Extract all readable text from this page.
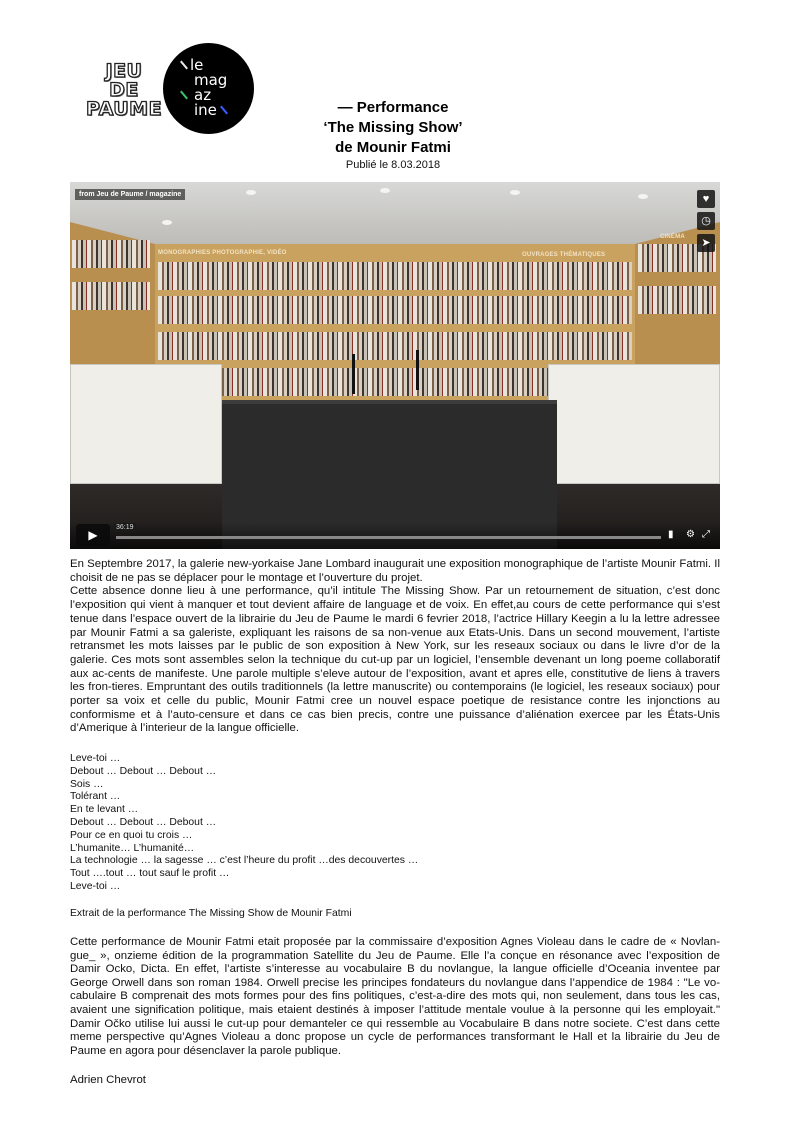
JEU
DE
PAUME
le
mag
az
ine	— Performance
‘The Missing Show’
de Mounir Fatmi
Publié le 8.03.2018
MONOGRAPHIES PHOTOGRAPHIE, VIDÉO	OUVRAGES THÉMATIQUES
CINÉMA
from Jeu de Paume / magazine	♥
◷
➤
▶
36:19
▮ ⚙ ⤢

En Septembre 2017, la galerie new-yorkaise Jane Lombard inaugurait une exposition monographique de l’artiste Mounir Fatmi. Il choisit de ne pas se déplacer pour le montage et l’ouverture du projet.

Cette absence donne lieu à une performance, qu’il intitule The Missing Show. Par un retournement de situation, c’est donc l’exposition qui vient à manquer et tout devient affaire de language et de voix. En effet,au cours de cette performance qui s’est tenue dans l’espace ouvert de la librairie du Jeu de Paume le mardi 6 fevrier 2018, l’actrice Hillary Keegin a lu la lettre adressee par Mounir Fatmi a sa galeriste, expliquant les raisons de sa non-venue aux Etats-Unis. Dans un second mouvement, l’artiste retransmet les mots laisses par le public de son exposition à New York, sur les reseaux sociaux ou dans le livre d’or de la galerie. Ces mots sont assembles selon la technique du cut-up par un logiciel, l’ensemble devenant un long poeme collaboratif aux ac-cents de manifeste. Une parole multiple s’eleve autour de l’exposition, avant et apres elle, constitutive de liens à travers les fron-tieres. Empruntant des outils traditionnels (la lettre manuscrite) ou contemporains (le logiciel, les reseaux sociaux) pour porter sa voix et celle du public, Mounir Fatmi cree un nouvel espace poetique de resistance contre les injonctions au conformisme et à l’auto-censure et dans ce cas bien precis, contre une puissance d’aliénation exercee par les États-Unis d’Amerique à l’interieur de la langue officielle.

Leve-toi …
Debout … Debout … Debout …
Sois …
Tolérant …
En te levant …
Debout … Debout … Debout …
Pour ce en quoi tu crois …
L’humanite… L’humanité…
La technologie … la sagesse … c’est l’heure du profit …des decouvertes …
Tout ….tout … tout sauf le profit …
Leve-toi …
Extrait de la performance The Missing Show de Mounir Fatmi
Cette performance de Mounir Fatmi etait proposée par la commissaire d’exposition Agnes Violeau dans le cadre de « Novlan-gue_ », onzieme édition de la programmation Satellite du Jeu de Paume. Elle l’a conçue en résonance avec l’exposition de Damir Ocko, Dicta. En effet, l’artiste s’interesse au vocabulaire B du novlangue, la langue officielle d’Oceania inventee par George Orwell dans son roman 1984. Orwell precise les principes fondateurs du novlangue dans l’appendice de 1984 : "Le vo-cabulaire B comprenait des mots formes pour des fins politiques, c’est-a-dire des mots qui, non seulement, dans tous les cas, avaient une signification politique, mais etaient destinés à imposer l’attitude mentale voulue à la personne qui les employait." Damir Očko utilise lui aussi le cut-up pour demanteler ce qui ressemble au Vocabulaire B dans notre societe. C’est dans cette meme perspective qu’Agnes Violeau a donc propose un cycle de performances transformant le Hall et la librairie du Jeu de Paume en agora pour désenclaver la parole publique.
Adrien Chevrot
